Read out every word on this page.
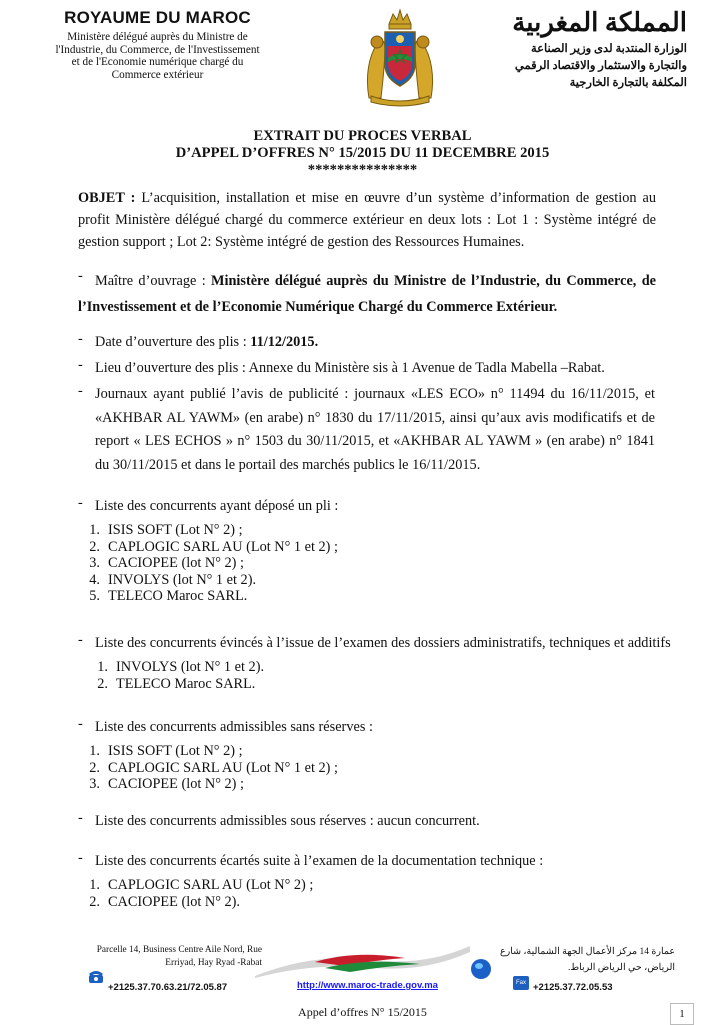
ROYAUME DU MAROC
Ministère délégué auprès du Ministre de
l'Industrie, du Commerce, de l'Investissement
et de l'Economie numérique chargé du
Commerce extérieur
المملكة المغربية
الوزارة المنتدبة لدى وزير الصناعة
والتجارة والاستثمار والاقتصاد الرقمي
المكلفة بالتجارة الخارجية
EXTRAIT DU PROCES VERBAL
D’APPEL D’OFFRES N° 15/2015 DU 11 DECEMBRE 2015
***************
OBJET : L’acquisition, installation et mise en œuvre d’un système d’information de gestion au profit Ministère délégué chargé du commerce extérieur en deux lots : Lot 1 : Système intégré de gestion support ; Lot 2: Système intégré de gestion des Ressources Humaines.
- Maître d’ouvrage : Ministère délégué auprès du Ministre de l’Industrie, du Commerce, de l’Investissement et de l’Economie Numérique Chargé du Commerce Extérieur.
- Date d’ouverture des plis : 11/12/2015.
- Lieu d’ouverture des plis : Annexe du Ministère sis à 1 Avenue de Tadla Mabella –Rabat.
- Journaux ayant publié l’avis de publicité : journaux «LES ECO» n° 11494 du 16/11/2015, et «AKHBAR AL YAWM» (en arabe) n° 1830 du 17/11/2015, ainsi qu’aux avis modificatifs et de report « LES ECHOS » n° 1503 du 30/11/2015, et «AKHBAR AL YAWM » (en arabe) n° 1841 du 30/11/2015 et dans le portail des marchés publics le 16/11/2015.
- Liste des concurrents ayant déposé un pli :
1. ISIS SOFT (Lot N° 2) ;
2. CAPLOGIC SARL AU (Lot N° 1 et 2) ;
3. CACIOPEE (lot N° 2) ;
4. INVOLYS (lot N° 1 et 2).
5. TELECO Maroc SARL.
- Liste des concurrents évincés à l’issue de l’examen des dossiers administratifs, techniques et additifs
1. INVOLYS (lot N° 1 et 2).
2. TELECO Maroc SARL.
- Liste des concurrents admissibles sans réserves :
1. ISIS SOFT (Lot N° 2) ;
2. CAPLOGIC SARL AU (Lot N° 1 et 2) ;
3. CACIOPEE (lot N° 2) ;
- Liste des concurrents admissibles sous réserves : aucun concurrent.
- Liste des concurrents écartés suite à l’examen de la documentation technique :
1. CAPLOGIC SARL AU (Lot N° 2) ;
2. CACIOPEE (lot N° 2).
Parcelle 14, Business Centre Aile Nord, Rue
Erriyad, Hay Ryad -Rabat
عمارة 14 مركز الأعمال الجهة الشمالية، شارع
الرياض، حي الرياض الرباط.
+2125.37.70.63.21/72.05.87	http://www.maroc-trade.gov.ma	Fax +2125.37.72.05.53
Appel d’offres N° 15/2015	1
